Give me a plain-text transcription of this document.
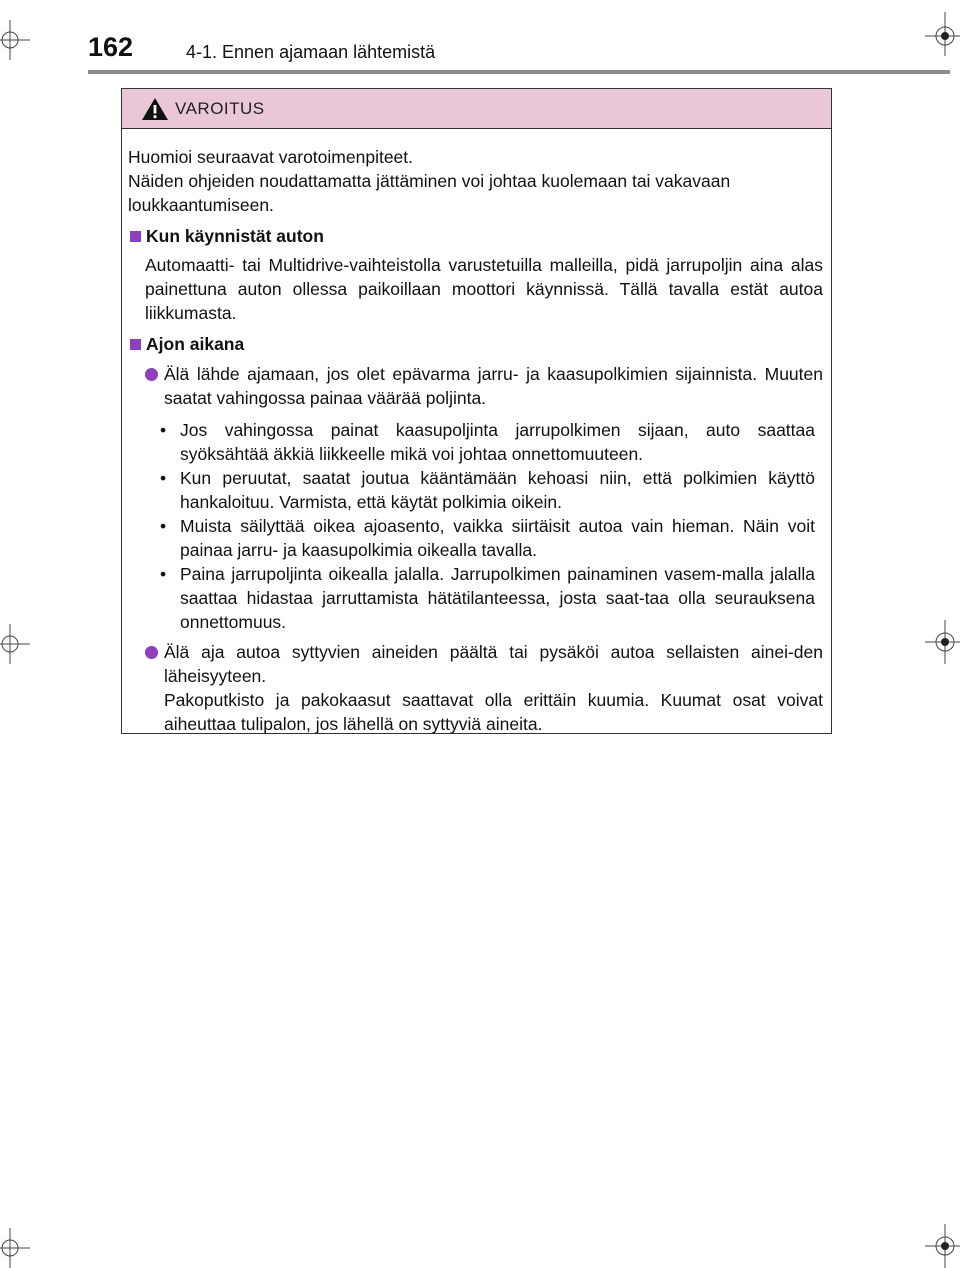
162	4-1. Ennen ajamaan lähtemistä
VAROITUS

Huomioi seuraavat varotoimenpiteet.

Näiden ohjeiden noudattamatta jättäminen voi johtaa kuolemaan tai vakavaan loukkaantumiseen.

Kun käynnistät auton

Automaatti- tai Multidrive-vaihteistolla varustetuilla malleilla, pidä jarrupoljin aina alas painettuna auton ollessa paikoillaan moottori käynnissä. Tällä tavalla estät autoa liikkumasta.

Ajon aikana

Älä lähde ajamaan, jos olet epävarma jarru- ja kaasupolkimien sijainnista. Muuten saatat vahingossa painaa väärää poljinta.

• Jos vahingossa painat kaasupoljinta jarrupolkimen sijaan, auto saattaa syöksähtää äkkiä liikkeelle mikä voi johtaa onnettomuuteen.

• Kun peruutat, saatat joutua kääntämään kehoasi niin, että polkimien käyttö hankaloituu. Varmista, että käytät polkimia oikein.

• Muista säilyttää oikea ajoasento, vaikka siirtäisit autoa vain hieman. Näin voit painaa jarru- ja kaasupolkimia oikealla tavalla.

• Paina jarrupoljinta oikealla jalalla. Jarrupolkimen painaminen vasem-malla jalalla saattaa hidastaa jarruttamista hätätilanteessa, josta saat-taa olla seurauksena onnettomuus.

Älä aja autoa syttyvien aineiden päältä tai pysäköi autoa sellaisten ainei-den läheisyyteen.

Pakoputkisto ja pakokaasut saattavat olla erittäin kuumia. Kuumat osat voivat aiheuttaa tulipalon, jos lähellä on syttyviä aineita.
